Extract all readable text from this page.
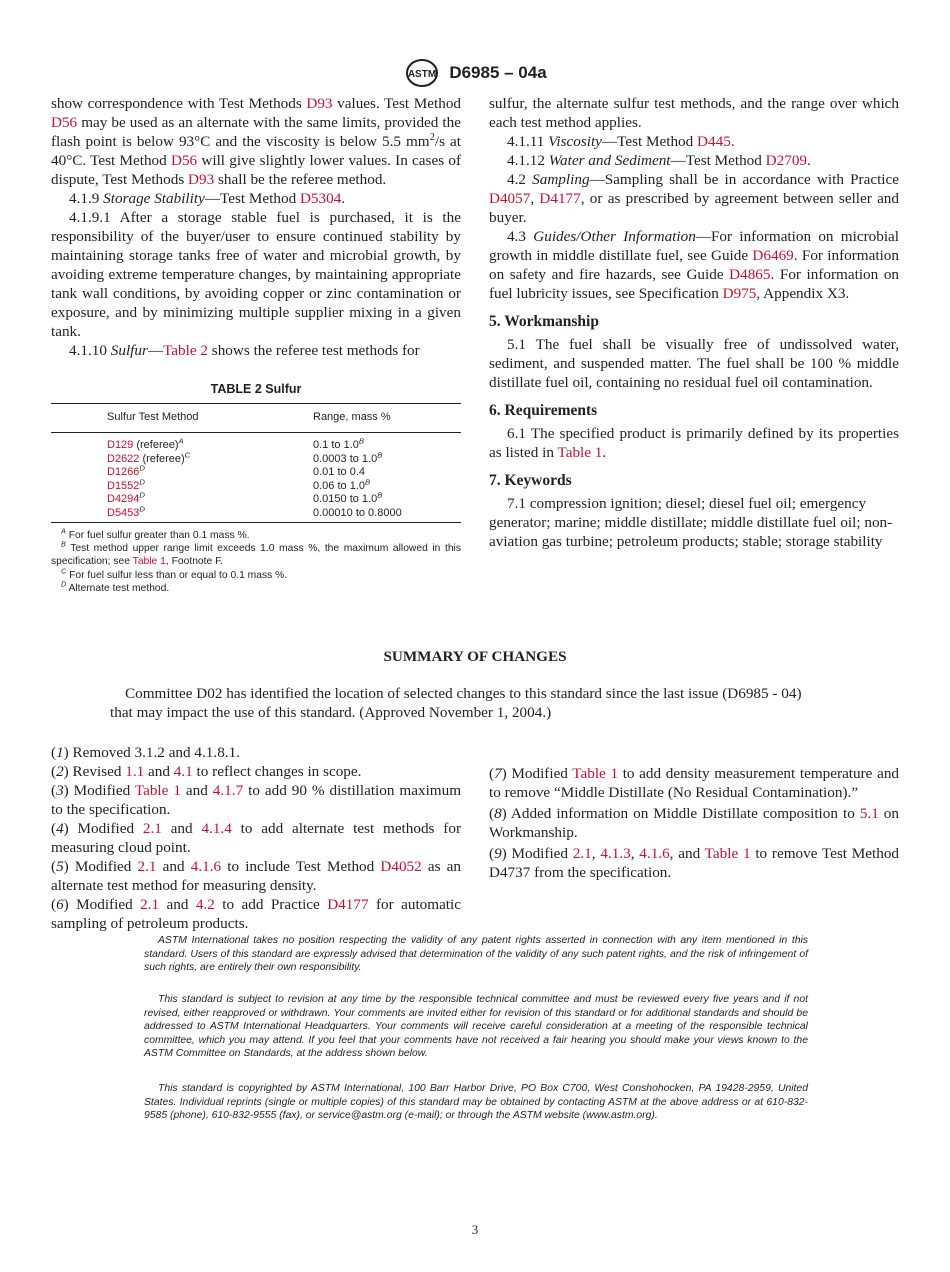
ASTM D6985 – 04a

show correspondence with Test Methods D93 values. Test Method D56 may be used as an alternate with the same limits, provided the flash point is below 93°C and the viscosity is below 5.5 $mm^2/s$ at 40°C. Test Method D56 will give slightly lower values. In cases of dispute, Test Methods D93 shall be the referee method.

4.1.9 Storage Stability—Test Method D5304.

4.1.9.1 After a storage stable fuel is purchased, it is the responsibility of the buyer/user to ensure continued stability by maintaining storage tanks free of water and microbial growth, by avoiding extreme temperature changes, by maintaining appropriate tank wall conditions, by avoiding copper or zinc contamination or exposure, and by minimizing multiple supplier mixing in a given tank.

4.1.10 Sulfur—Table 2 shows the referee test methods for

TABLE 2 Sulfur

Sulfur Test Method	Range, mass %
D129 (referee)$^A$	0.1 to $1.0^B$
D2622 (referee)$^C$	0.0003 to $1.0^B$
$D1266^D$	0.01 to 0.4
$D1552^D$	0.06 to $1.0^B$
$D4294^D$	0.0150 to $1.0^B$
$D5453^D$	0.00010 to 0.8000
$^A$ For fuel sulfur greater than 0.1 mass %.
$^B$ Test method upper range limit exceeds 1.0 mass %, the maximum allowed in this specification; see Table 1, Footnote F.
$^C$ For fuel sulfur less than or equal to 0.1 mass %.
$^D$ Alternate test method.

sulfur, the alternate sulfur test methods, and the range over which each test method applies.

4.1.11 Viscosity—Test Method D445.

4.1.12 Water and Sediment—Test Method D2709.

4.2 Sampling—Sampling shall be in accordance with Practice D4057, D4177, or as prescribed by agreement between seller and buyer.

4.3 Guides/Other Information—For information on microbial growth in middle distillate fuel, see Guide D6469. For information on safety and fire hazards, see Guide D4865. For information on fuel lubricity issues, see Specification D975, Appendix X3.

5. Workmanship

5.1 The fuel shall be visually free of undissolved water, sediment, and suspended matter. The fuel shall be 100 % middle distillate fuel oil, containing no residual fuel oil contamination.

6. Requirements

6.1 The specified product is primarily defined by its properties as listed in Table 1.

7. Keywords

7.1 compression ignition; diesel; diesel fuel oil; emergency generator; marine; middle distillate; middle distillate fuel oil; non-aviation gas turbine; petroleum products; stable; storage stability

SUMMARY OF CHANGES
Committee D02 has identified the location of selected changes to this standard since the last issue (D6985 - 04)
that may impact the use of this standard. (Approved November 1, 2004.)

(1) Removed 3.1.2 and 4.1.8.1.

(2) Revised 1.1 and 4.1 to reflect changes in scope.

(3) Modified Table 1 and 4.1.7 to add 90 % distillation maximum to the specification.

(4) Modified 2.1 and 4.1.4 to add alternate test methods for measuring cloud point.

(5) Modified 2.1 and 4.1.6 to include Test Method D4052 as an alternate test method for measuring density.

(6) Modified 2.1 and 4.2 to add Practice D4177 for automatic sampling of petroleum products.

(7) Modified Table 1 to add density measurement temperature and to remove “Middle Distillate (No Residual Contamination).”

(8) Added information on Middle Distillate composition to 5.1 on Workmanship.

(9) Modified 2.1, 4.1.3, 4.1.6, and Table 1 to remove Test Method D4737 from the specification.

ASTM International takes no position respecting the validity of any patent rights asserted in connection with any item mentioned in this standard. Users of this standard are expressly advised that determination of the validity of any such patent rights, and the risk of infringement of such rights, are entirely their own responsibility.

This standard is subject to revision at any time by the responsible technical committee and must be reviewed every five years and if not revised, either reapproved or withdrawn. Your comments are invited either for revision of this standard or for additional standards and should be addressed to ASTM International Headquarters. Your comments will receive careful consideration at a meeting of the responsible technical committee, which you may attend. If you feel that your comments have not received a fair hearing you should make your views known to the ASTM Committee on Standards, at the address shown below.

This standard is copyrighted by ASTM International, 100 Barr Harbor Drive, PO Box C700, West Conshohocken, PA 19428-2959, United States. Individual reprints (single or multiple copies) of this standard may be obtained by contacting ASTM at the above address or at 610-832-9585 (phone), 610-832-9555 (fax), or service@astm.org (e-mail); or through the ASTM website (www.astm.org).

3
